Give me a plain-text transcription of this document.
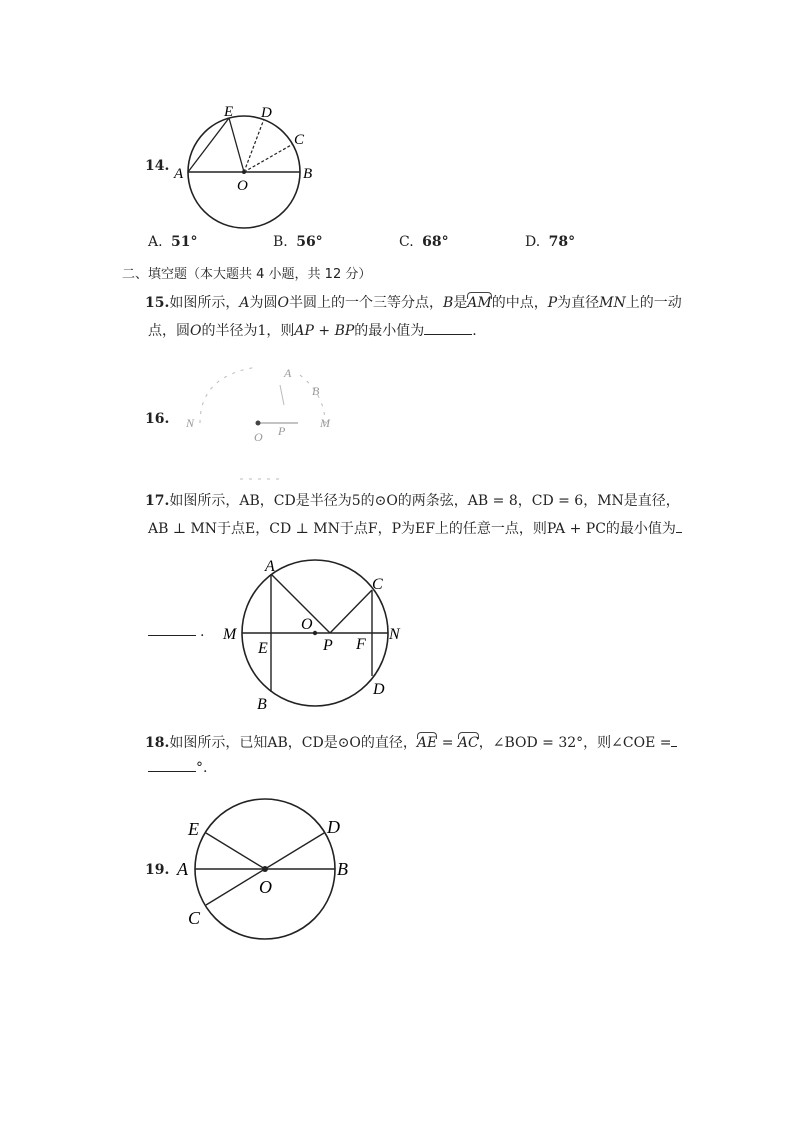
14. A	B
C
D
E
O
A. 51°	B. 56°	C. 68°	D. 78°
二、填空题（本大题共 4 小题，共 12 分）
15.如图所示，A为圆O半圆上的一个三等分点，B是AM的中点，P为直径MN上的一动
点，圆O的半径为1，则AP + BP的最小值为	.
16. N	M
O P
A
B
17.如图所示，AB，CD是半径为5的⊙O的两条弦，AB = 8，CD = 6，MN是直径，
AB ⊥ MN于点E，CD ⊥ MN于点F，P为EF上的任意一点，则PA + PC的最小值为
.
A
B
C
D
E	F
M	N
O
P
18.如图所示，已知AB，CD是⊙O的直径，AE = AC，∠BOD = 32°，则∠COE =
°.
19. A	B
C
D
E
O
